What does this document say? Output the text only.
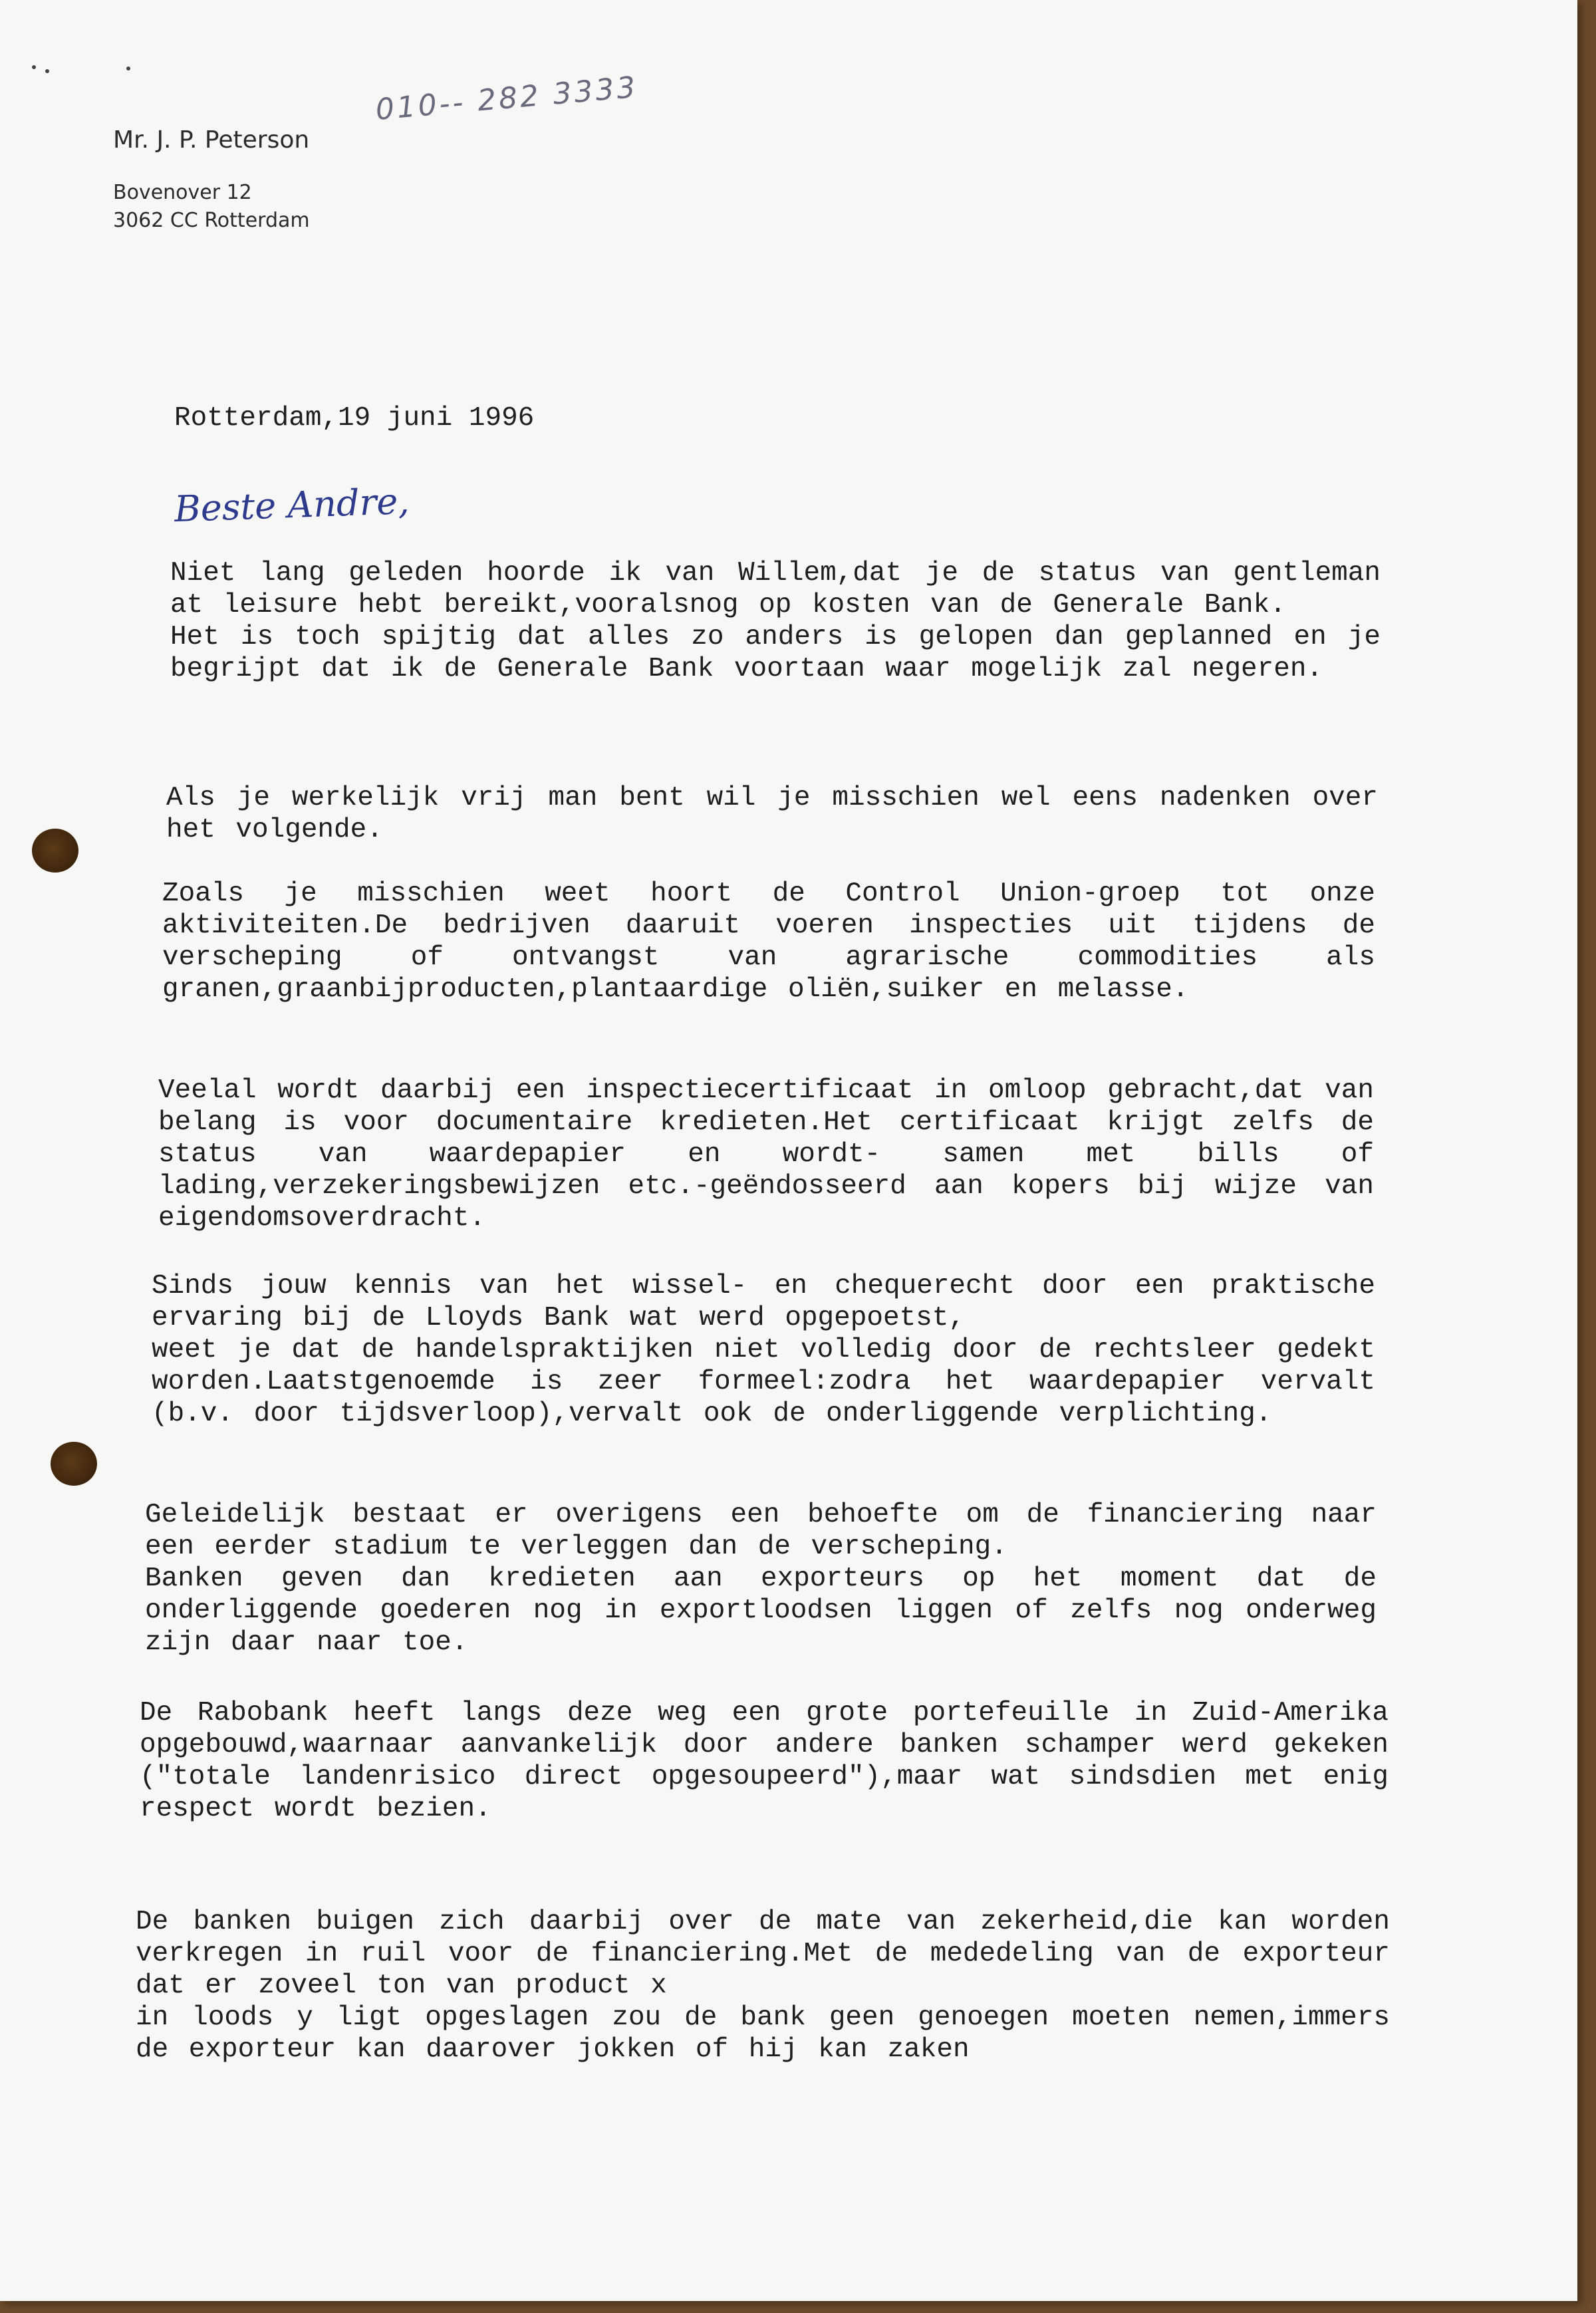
Mr. J. P. Peterson
010-- 282 3333
Bovenover 12
3062 CC Rotterdam
Rotterdam,19 juni 1996
Beste Andre,
Niet lang geleden hoorde ik van Willem,dat je de status van gentleman at leisure hebt bereikt,vooralsnog op kosten van de Generale Bank.
Het is toch spijtig dat alles zo anders is gelopen dan geplanned en je begrijpt dat ik de Generale Bank voortaan waar mogelijk zal negeren.
Als je werkelijk vrij man bent wil je misschien wel eens nadenken over het volgende.
Zoals je misschien weet hoort de Control Union-groep tot onze aktiviteiten.De bedrijven daaruit voeren inspecties uit tijdens de verscheping of ontvangst van agrarische commodities als granen,graanbijproducten,plantaardige oliën,suiker en melasse.
Veelal wordt daarbij een inspectiecertificaat in omloop gebracht,dat van belang is voor documentaire kredieten.Het certificaat krijgt zelfs de status van waardepapier en wordt- samen met bills of lading,verzekeringsbewijzen etc.-geëndosseerd aan kopers bij wijze van eigendomsoverdracht.
Sinds jouw kennis van het wissel- en chequerecht door een praktische ervaring bij de Lloyds Bank wat werd opgepoetst,
weet je dat de handelspraktijken niet volledig door de rechtsleer gedekt worden.Laatstgenoemde is zeer formeel:zodra het waardepapier vervalt (b.v. door tijdsverloop),vervalt ook de onderliggende verplichting.
Geleidelijk bestaat er overigens een behoefte om de financiering naar een eerder stadium te verleggen dan de verscheping.
Banken geven dan kredieten aan exporteurs op het moment dat de onderliggende goederen nog in exportloodsen liggen of zelfs nog onderweg zijn daar naar toe.
De Rabobank heeft langs deze weg een grote portefeuille in Zuid-Amerika opgebouwd,waarnaar aanvankelijk door andere banken schamper werd gekeken ("totale landenrisico direct opgesoupeerd"),maar wat sindsdien met enig respect wordt bezien.
De banken buigen zich daarbij over de mate van zekerheid,die kan worden verkregen in ruil voor de financiering.Met de mededeling van de exporteur dat er zoveel ton van product x
in loods y ligt opgeslagen zou de bank geen genoegen moeten nemen,immers de exporteur kan daarover jokken of hij kan zaken
